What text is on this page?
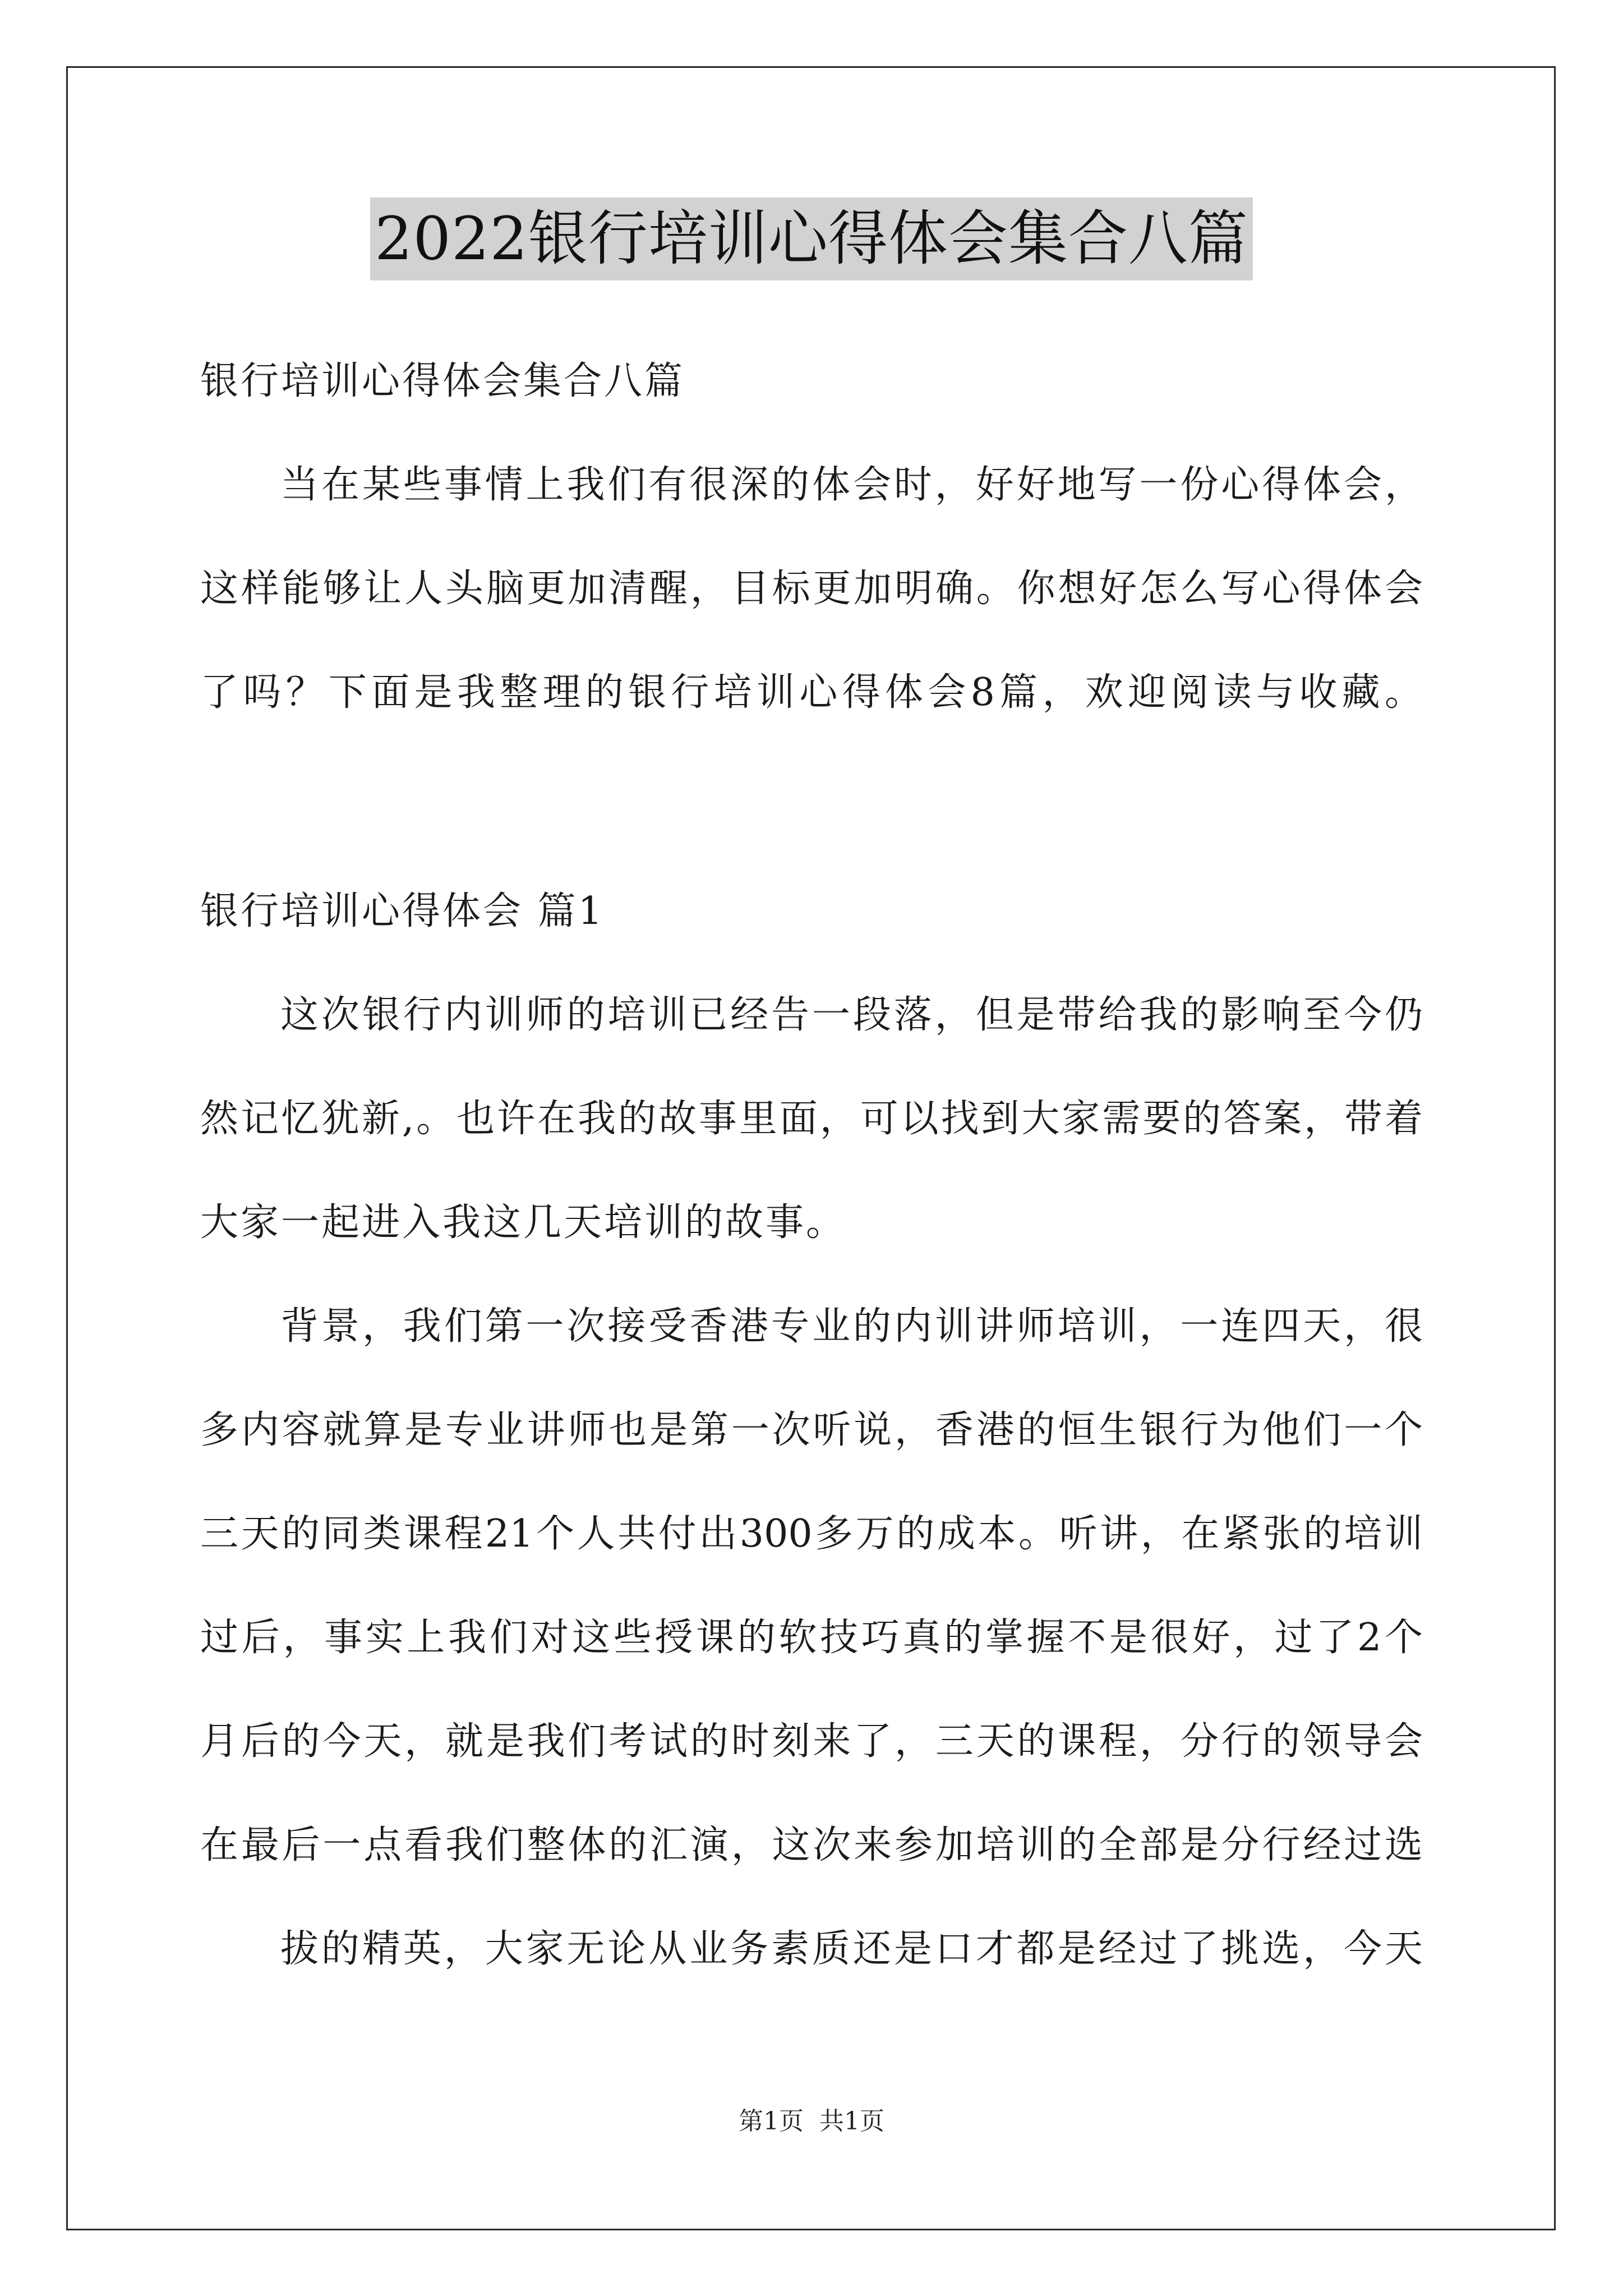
2022银行培训心得体会集合八篇
银行培训心得体会集合八篇
当在某些事情上我们有很深的体会时，好好地写一份心得体会，
这样能够让人头脑更加清醒，目标更加明确。你想好怎么写心得体会
了吗？下面是我整理的银行培训心得体会8篇，欢迎阅读与收藏。
银行培训心得体会 篇1
这次银行内训师的培训已经告一段落，但是带给我的影响至今仍
然记忆犹新,。也许在我的故事里面，可以找到大家需要的答案，带着
大家一起进入我这几天培训的故事。
背景，我们第一次接受香港专业的内训讲师培训，一连四天，很
多内容就算是专业讲师也是第一次听说，香港的恒生银行为他们一个
三天的同类课程21个人共付出300多万的成本。听讲，在紧张的培训
过后，事实上我们对这些授课的软技巧真的掌握不是很好，过了2个
月后的今天，就是我们考试的时刻来了，三天的课程，分行的领导会
在最后一点看我们整体的汇演，这次来参加培训的全部是分行经过选
拔的精英，大家无论从业务素质还是口才都是经过了挑选，今天
第1页 共1页
